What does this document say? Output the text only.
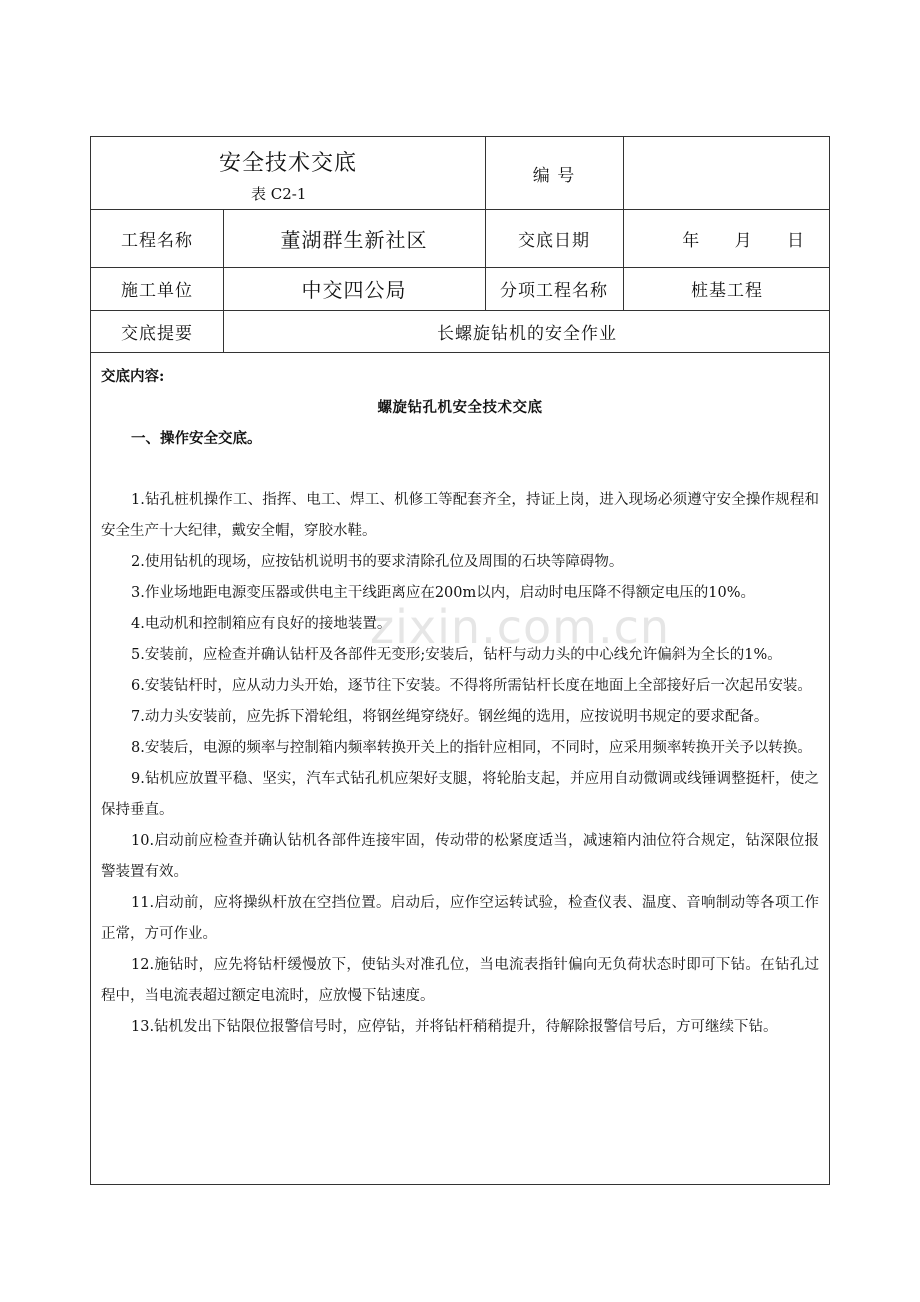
zixin.com.cn
安全技术交底
表 C2-1
编 号
工程名称	董湖群生新社区	交底日期	年 月 日
施工单位	中交四公局	分项工程名称	桩基工程
交底提要	长螺旋钻机的安全作业
交底内容:
螺旋钻孔机安全技术交底
一、操作安全交底。

1.钻孔桩机操作工、指挥、电工、焊工、机修工等配套齐全，持证上岗，进入现场必须遵守安全操作规程和安全生产十大纪律，戴安全帽，穿胶水鞋。

2.使用钻机的现场，应按钻机说明书的要求清除孔位及周围的石块等障碍物。

3.作业场地距电源变压器或供电主干线距离应在200m以内，启动时电压降不得额定电压的10%。

4.电动机和控制箱应有良好的接地装置。

5.安装前，应检查并确认钻杆及各部件无变形;安装后，钻杆与动力头的中心线允许偏斜为全长的1%。

6.安装钻杆时，应从动力头开始，逐节往下安装。不得将所需钻杆长度在地面上全部接好后一次起吊安装。

7.动力头安装前，应先拆下滑轮组，将钢丝绳穿绕好。钢丝绳的选用，应按说明书规定的要求配备。

8.安装后，电源的频率与控制箱内频率转换开关上的指针应相同，不同时，应采用频率转换开关予以转换。

9.钻机应放置平稳、坚实，汽车式钻孔机应架好支腿，将轮胎支起，并应用自动微调或线锤调整挺杆，使之保持垂直。

10.启动前应检查并确认钻机各部件连接牢固，传动带的松紧度适当，减速箱内油位符合规定，钻深限位报警装置有效。

11.启动前，应将操纵杆放在空挡位置。启动后，应作空运转试验，检查仪表、温度、音响制动等各项工作正常，方可作业。

12.施钻时，应先将钻杆缓慢放下，使钻头对准孔位，当电流表指针偏向无负荷状态时即可下钻。在钻孔过程中，当电流表超过额定电流时，应放慢下钻速度。

13.钻机发出下钻限位报警信号时，应停钻，并将钻杆稍稍提升，待解除报警信号后，方可继续下钻。
